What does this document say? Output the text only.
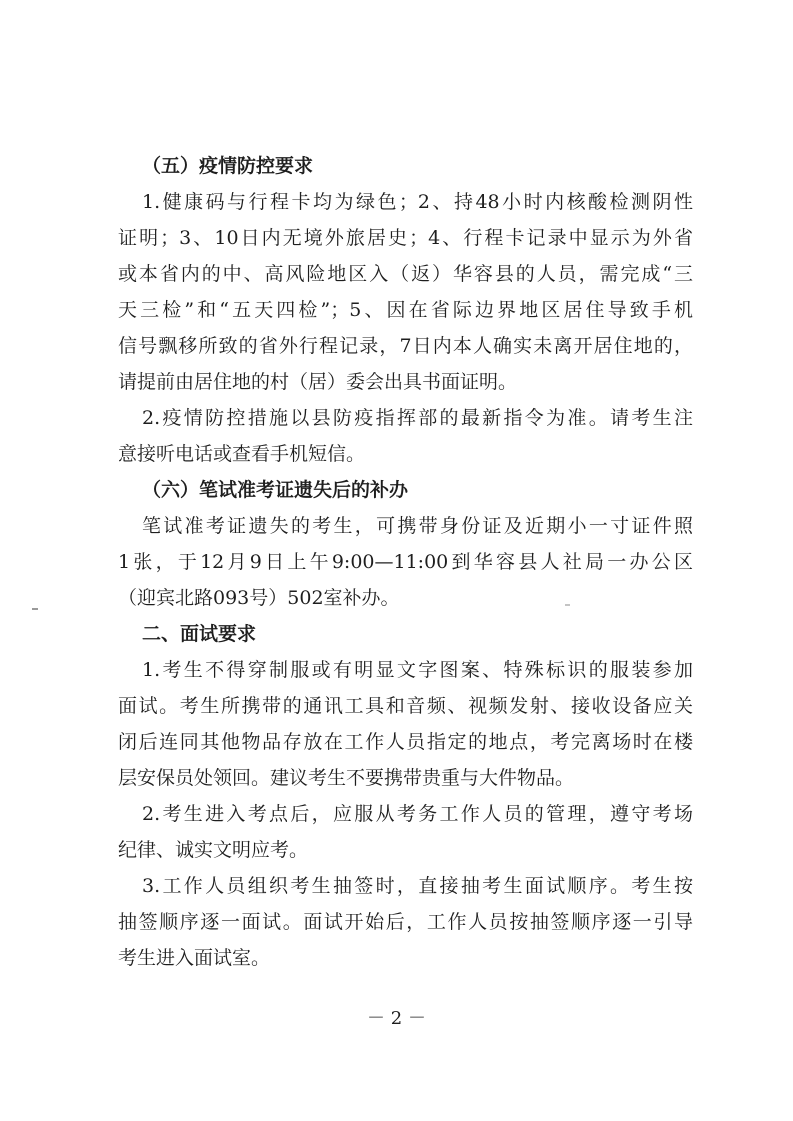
（五）疫情防控要求
1.健康码与行程卡均为绿色；2、持48小时内核酸检测阴性
证明；3、10日内无境外旅居史；4、行程卡记录中显示为外省
或本省内的中、高风险地区入（返）华容县的人员，需完成“三
天三检”和“五天四检”；5、因在省际边界地区居住导致手机
信号飘移所致的省外行程记录，7日内本人确实未离开居住地的，
请提前由居住地的村（居）委会出具书面证明。
2.疫情防控措施以县防疫指挥部的最新指令为准。请考生注
意接听电话或查看手机短信。
（六）笔试准考证遗失后的补办
笔试准考证遗失的考生，可携带身份证及近期小一寸证件照
1张，于12月9日上午9:00—11:00到华容县人社局一办公区
（迎宾北路093号）502室补办。
二、面试要求
1.考生不得穿制服或有明显文字图案、特殊标识的服装参加
面试。考生所携带的通讯工具和音频、视频发射、接收设备应关
闭后连同其他物品存放在工作人员指定的地点，考完离场时在楼
层安保员处领回。建议考生不要携带贵重与大件物品。
2.考生进入考点后，应服从考务工作人员的管理，遵守考场
纪律、诚实文明应考。
3.工作人员组织考生抽签时，直接抽考生面试顺序。考生按
抽签顺序逐一面试。面试开始后，工作人员按抽签顺序逐一引导
考生进入面试室。
－ 2 －
